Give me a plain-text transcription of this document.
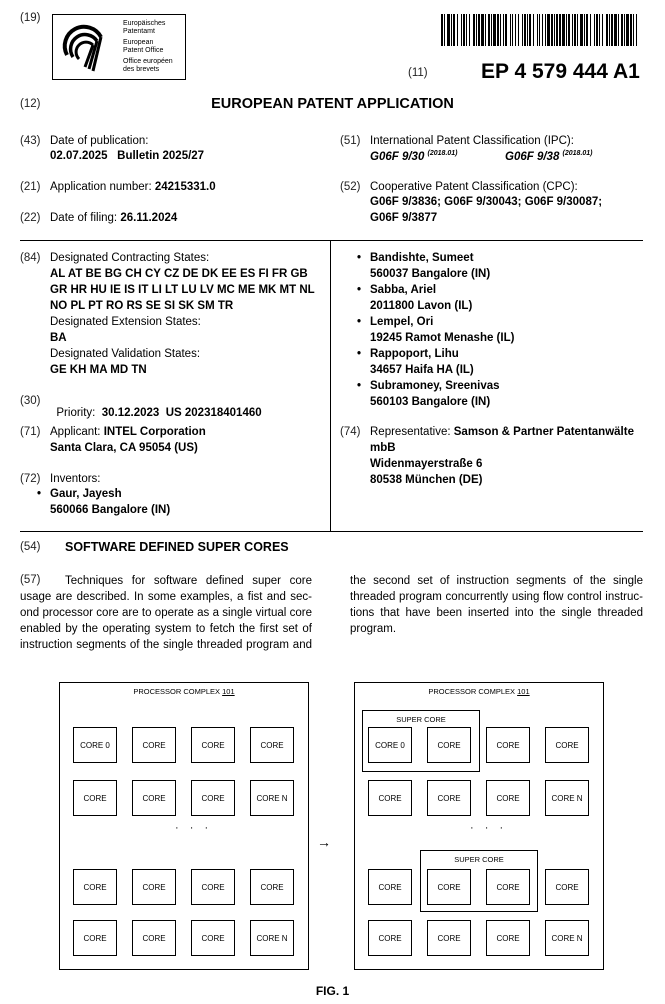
(19)	Europäisches
Patentamt
European
Patent Office
Office européen
des brevets	(11)	EP 4 579 444 A1
(12)	EUROPEAN PATENT APPLICATION
(43) Date of publication:
02.07.2025   Bulletin 2025/27
(21) Application number: 24215331.0
(22) Date of filing: 26.11.2024
(51) International Patent Classification (IPC):
G06F 9/30 $^{(2018.01)}$	G06F 9/38 $^{(2018.01)}$
(52) Cooperative Patent Classification (CPC):
G06F 9/3836; G06F 9/30043; G06F 9/30087;
G06F 9/3877
(84) Designated Contracting States:
AL AT BE BG CH CY CZ DE DK EE ES FI FR GB
GR HR HU IE IS IT LI LT LU LV MC ME MK MT NL
NO PL PT RO RS SE SI SK SM TR
Designated Extension States:
BA
Designated Validation States:
GE KH MA MD TN
(30)

Priority: 30.12.2023  US 202318401460

(71) Applicant: INTEL Corporation
Santa Clara, CA 95054 (US)
(72) Inventors:
• Gaur, Jayesh
560066 Bangalore (IN)
• Bandishte, Sumeet
560037 Bangalore (IN)
• Sabba, Ariel
2011800 Lavon (IL)
• Lempel, Ori
19245 Ramot Menashe (IL)
• Rappoport, Lihu
34657 Haifa HA (IL)
• Subramoney, Sreenivas
560103 Bangalore (IN)
(74) Representative: Samson & Partner Patentanwälte
mbB
Widenmayerstraße 6
80538 München (DE)
(54) SOFTWARE DEFINED SUPER CORES
(57)	Techniques for software defined super core
usage are described. In some examples, a fist and sec-
ond processor core are to operate as a single virtual core
enabled by the operating system to fetch the first set of
instruction segments of the single threaded program and
the second set of instruction segments of the single
threaded program concurrently using flow control instruc-
tions that have been inserted into the single threaded
program.
PROCESSOR COMPLEX 101
CORE 0	CORE	CORE	CORE
CORE	CORE	CORE	CORE N
CORE	CORE	CORE	CORE
CORE	CORE	CORE	CORE N
· · ·
PROCESSOR COMPLEX 101
SUPER CORE
SUPER CORE
CORE 0	CORE	CORE	CORE
CORE	CORE	CORE	CORE N
CORE	CORE	CORE	CORE
CORE	CORE	CORE	CORE N
· · ·
→
FIG. 1
